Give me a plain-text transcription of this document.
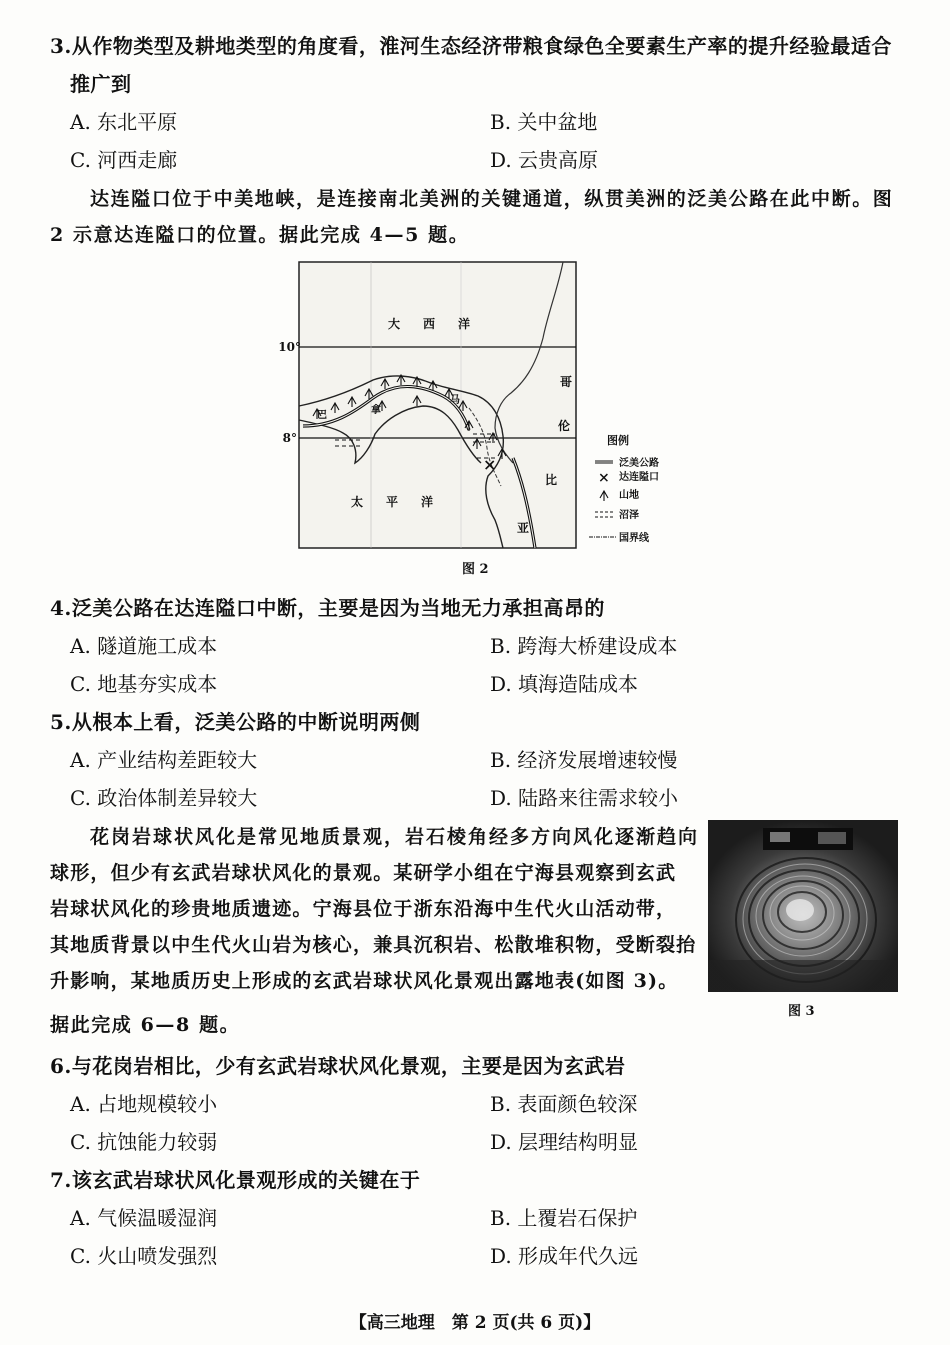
3.从作物类型及耕地类型的角度看，淮河生态经济带粮食绿色全要素生产率的提升经验最适合
推广到
A. 东北平原	B. 关中盆地
C. 河西走廊	D. 云贵高原
达连隘口位于中美地峡，是连接南北美洲的关键通道，纵贯美洲的泛美公路在此中断。图
2 示意达连隘口的位置。据此完成 4—5 题。
×
10°
8°
大 西 洋
太 平 洋
哥
伦
比
亚
巴	拿
马
图例
泛美公路
× 达连隘口
山地
沼泽
国界线
图 2
4.泛美公路在达连隘口中断，主要是因为当地无力承担高昂的
A. 隧道施工成本	B. 跨海大桥建设成本
C. 地基夯实成本	D. 填海造陆成本
5.从根本上看，泛美公路的中断说明两侧
A. 产业结构差距较大	B. 经济发展增速较慢
C. 政治体制差异较大	D. 陆路来往需求较小
花岗岩球状风化是常见地质景观，岩石棱角经多方向风化逐渐趋向
球形，但少有玄武岩球状风化的景观。某研学小组在宁海县观察到玄武
岩球状风化的珍贵地质遗迹。宁海县位于浙东沿海中生代火山活动带，
其地质背景以中生代火山岩为核心，兼具沉积岩、松散堆积物，受断裂抬
升影响，某地质历史上形成的玄武岩球状风化景观出露地表(如图 3)。
据此完成 6—8 题。
图 3
6.与花岗岩相比，少有玄武岩球状风化景观，主要是因为玄武岩
A. 占地规模较小	B. 表面颜色较深
C. 抗蚀能力较弱	D. 层理结构明显
7.该玄武岩球状风化景观形成的关键在于
A. 气候温暖湿润	B. 上覆岩石保护
C. 火山喷发强烈	D. 形成年代久远
【高三地理　第 2 页(共 6 页)】
